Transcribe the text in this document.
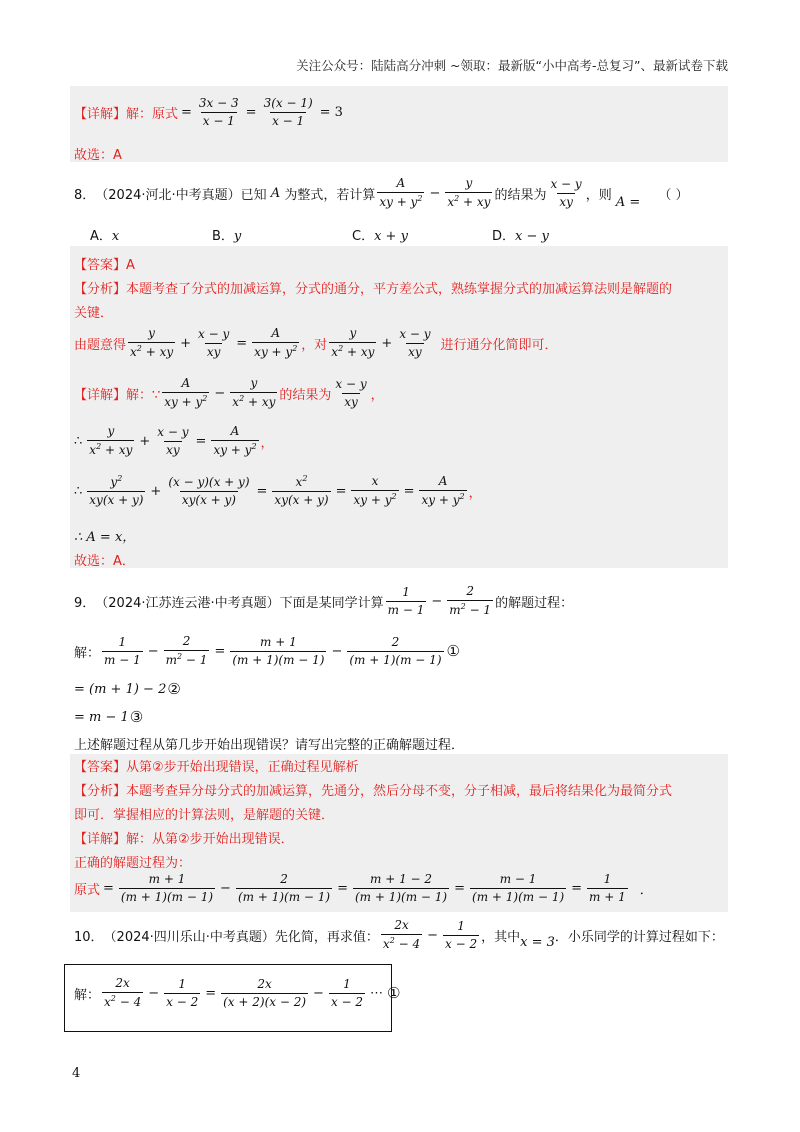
关注公众号：陆陆高分冲刺 ~领取：最新版“小中高考-总复习”、最新试卷下载
【详解】解：原式 = $\frac{3x - 3}{x - 1} = \frac{3(x - 1)}{x - 1} = 3$
故选：A
8． （2024·河北·中考真题） 已知 A 为整式，若计算 $\frac{A}{xy + y^2} - \frac{y}{x^2 + xy}$ 的结果为 $\frac{x - y}{xy}$ ，则 A = （ ）
A．x	B．y	C．x + y	D．x − y
【答案】A
【分析】本题考查了分式的加减运算，分式的通分，平方差公式，熟练掌握分式的加减运算法则是解题的
关键．
由题意得 $\frac{y}{x^2 + xy} + \frac{x - y}{xy} = \frac{A}{xy + y^2}$ ，对 $\frac{y}{x^2 + xy} + \frac{x - y}{xy}$ 进行通分化简即可．
【详解】解：∵ $\frac{A}{xy + y^2} - \frac{y}{x^2 + xy}$ 的结果为 $\frac{x - y}{xy}$ ，
∴ $\frac{y}{x^2 + xy} + \frac{x - y}{xy} = \frac{A}{xy + y^2}$ ，
∴ $\frac{y^2}{xy(x + y)} + \frac{(x - y)(x + y)}{xy(x + y)} = \frac{x^2}{xy(x + y)} = \frac{x}{xy + y^2} = \frac{A}{xy + y^2}$ ，
∴ A = x，
故选：A．
9． （2024·江苏连云港·中考真题） 下面是某同学计算 $\frac{1}{m - 1} - \frac{2}{m^2 - 1}$ 的解题过程：
解： $\frac{1}{m - 1} - \frac{2}{m^2 - 1} = \frac{m + 1}{(m + 1)(m - 1)} - \frac{2}{(m + 1)(m - 1)}$ ①
= (m + 1) − 2 ②
= m − 1 ③
上述解题过程从第几步开始出现错误？请写出完整的正确解题过程．
【答案】从第②步开始出现错误，正确过程见解析
【分析】本题考查异分母分式的加减运算，先通分，然后分母不变，分子相减，最后将结果化为最简分式
即可．掌握相应的计算法则，是解题的关键．
【详解】解：从第②步开始出现错误．
正确的解题过程为：
原式 = $\frac{m + 1}{(m + 1)(m - 1)} - \frac{2}{(m + 1)(m - 1)} = \frac{m + 1 - 2}{(m + 1)(m - 1)} = \frac{m - 1}{(m + 1)(m - 1)} = \frac{1}{m + 1}$ ．
10． （2024·四川乐山·中考真题） 先化简，再求值： $\frac{2x}{x^2 - 4} - \frac{1}{x - 2}$ ，其中 x = 3 ．小乐同学的计算过程如下：
解： $\frac{2x}{x^2 - 4} - \frac{1}{x - 2} = \frac{2x}{(x + 2)(x - 2)} - \frac{1}{x - 2}$ ⋯ ①
4
